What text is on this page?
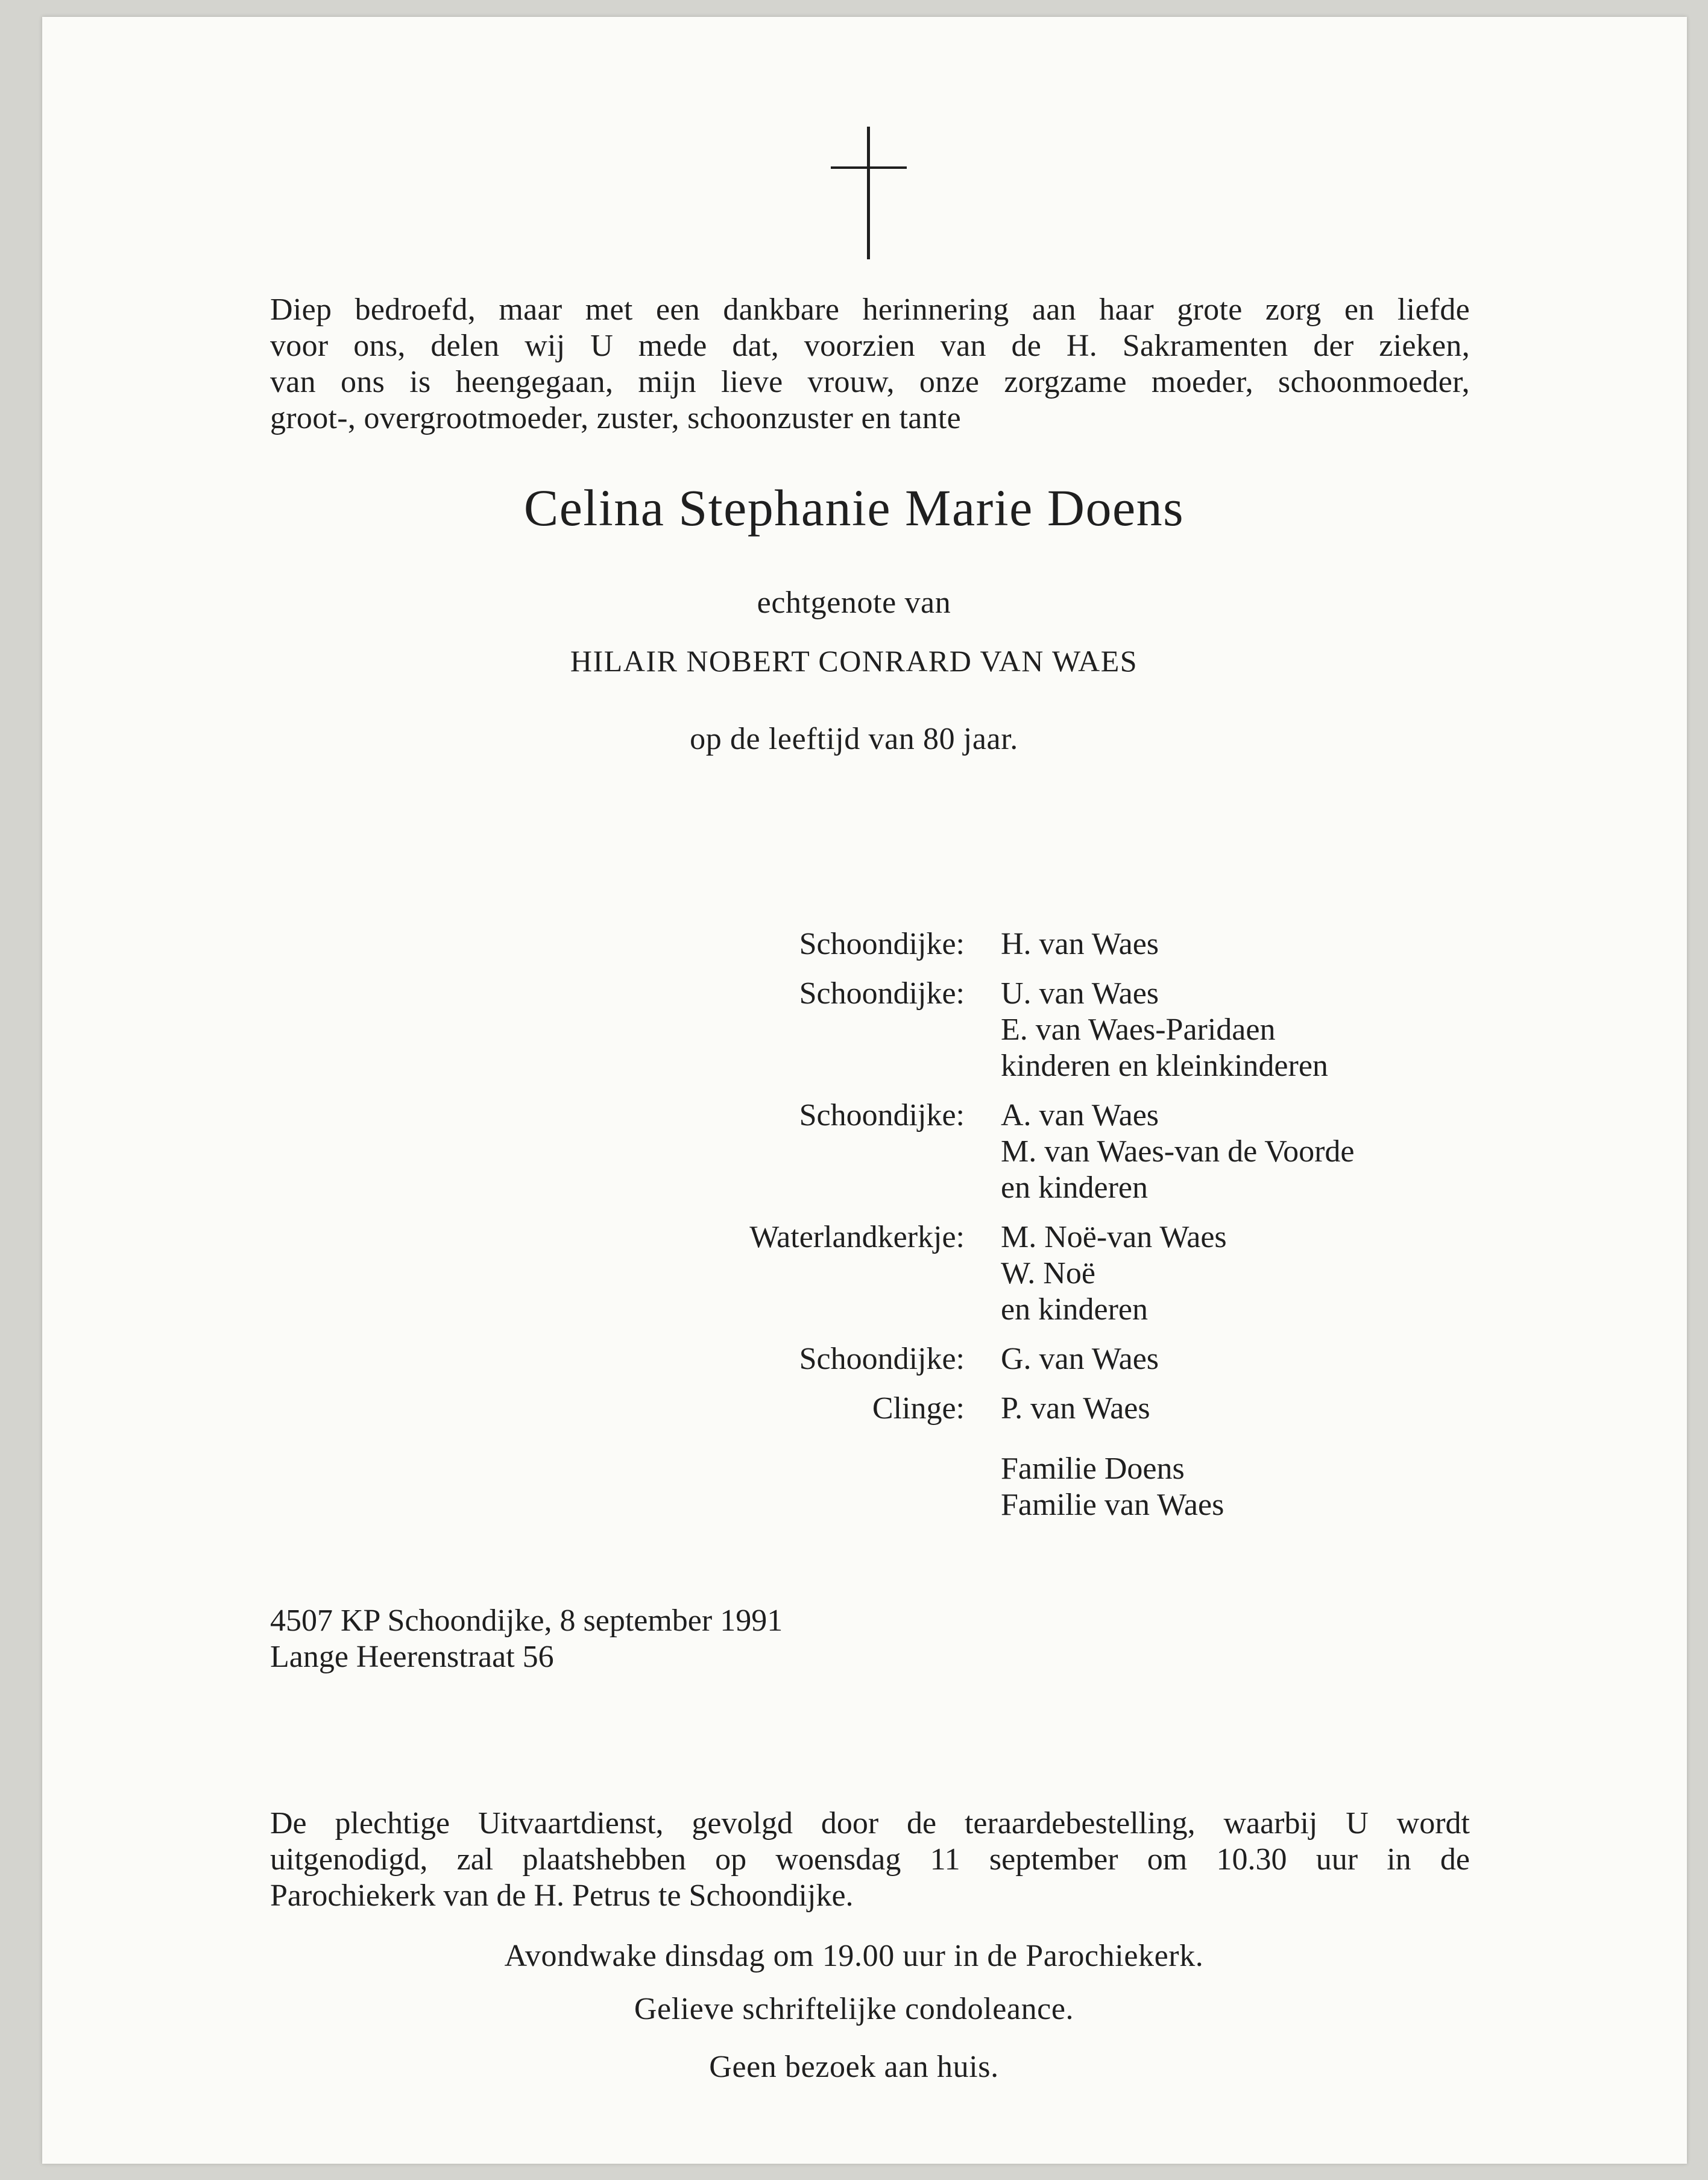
Diep bedroefd, maar met een dankbare herinnering aan haar grote zorg en liefde
voor ons, delen wij U mede dat, voorzien van de H. Sakramenten der zieken,
van ons is heengegaan, mijn lieve vrouw, onze zorgzame moeder, schoonmoeder,
groot-, overgrootmoeder, zuster, schoonzuster en tante
Celina Stephanie Marie Doens
echtgenote van
HILAIR NOBERT CONRARD VAN WAES
op de leeftijd van 80 jaar.
Schoondijke:	H. van Waes
Schoondijke:	U. van Waes
E. van Waes-Paridaen
kinderen en kleinkinderen
Schoondijke:	A. van Waes
M. van Waes-van de Voorde
en kinderen
Waterlandkerkje:	M. Noë-van Waes
W. Noë
en kinderen
Schoondijke:	G. van Waes
Clinge:	P. van Waes
Familie Doens
Familie van Waes
4507 KP Schoondijke, 8 september 1991
Lange Heerenstraat 56
De plechtige Uitvaartdienst, gevolgd door de teraardebestelling, waarbij U wordt
uitgenodigd, zal plaatshebben op woensdag 11 september om 10.30 uur in de
Parochiekerk van de H. Petrus te Schoondijke.
Avondwake dinsdag om 19.00 uur in de Parochiekerk.
Gelieve schriftelijke condoleance.
Geen bezoek aan huis.
